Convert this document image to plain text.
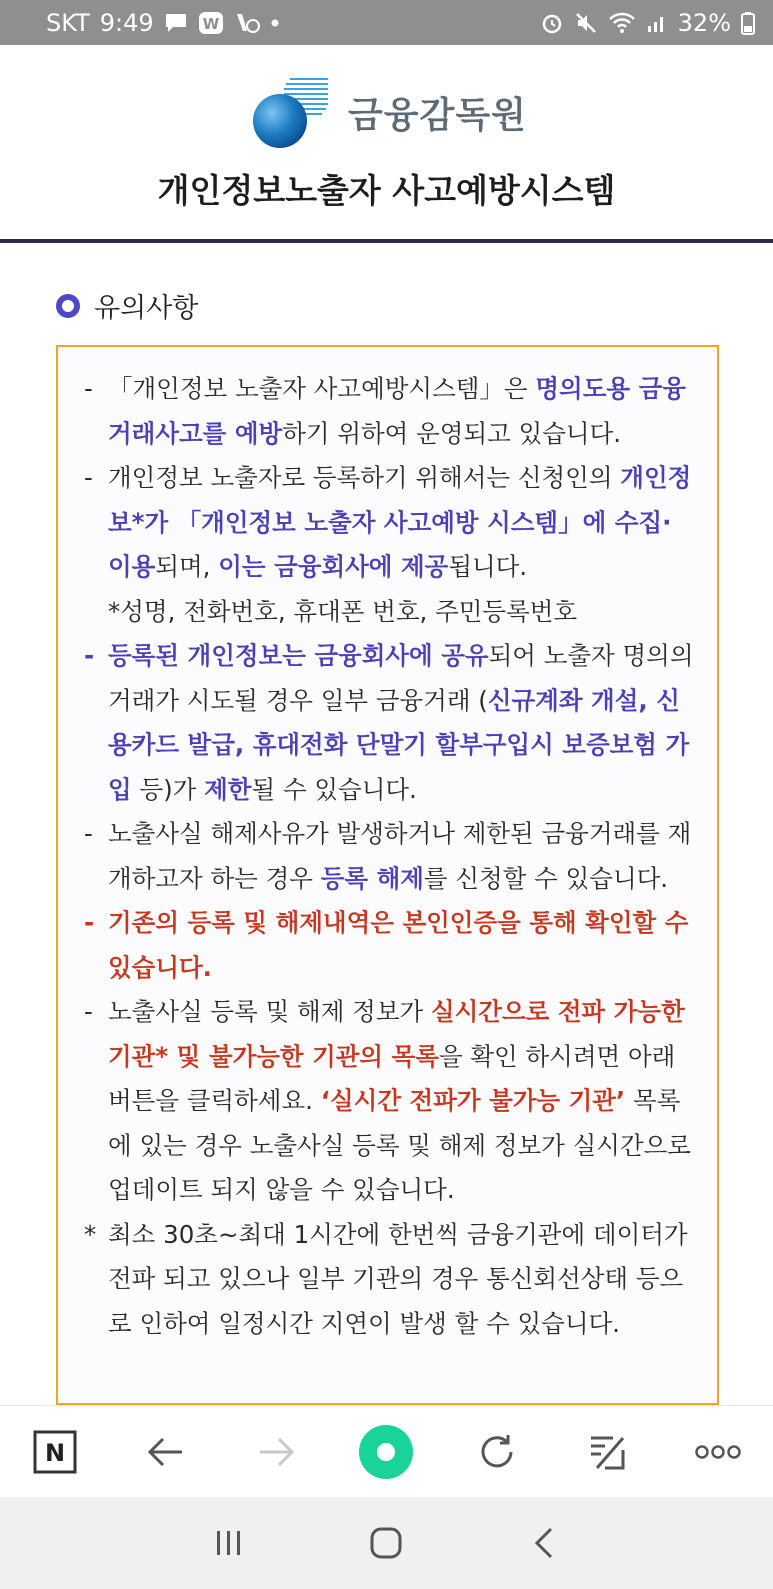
SKT 9:49	W	32%
금융감독원
개인정보노출자 사고예방시스템
유의사항
- 「개인정보 노출자 사고예방시스템」은 명의도용 금융거래사고를 예방하기 위하여 운영되고 있습니다.
- 개인정보 노출자로 등록하기 위해서는 신청인의 개인정보*가 「개인정보 노출자 사고예방 시스템」에 수집· 이용되며, 이는 금융회사에 제공됩니다.
*성명, 전화번호, 휴대폰 번호, 주민등록번호
- 등록된 개인정보는 금융회사에 공유되어 노출자 명의의 거래가 시도될 경우 일부 금융거래 (신규계좌 개설, 신용카드 발급, 휴대전화 단말기 할부구입시 보증보험 가입 등)가 제한될 수 있습니다.
- 노출사실 해제사유가 발생하거나 제한된 금융거래를 재개하고자 하는 경우 등록 해제를 신청할 수 있습니다.
- 기존의 등록 및 해제내역은 본인인증을 통해 확인할 수 있습니다.
- 노출사실 등록 및 해제 정보가 실시간으로 전파 가능한 기관* 및 불가능한 기관의 목록을 확인 하시려면 아래 버튼을 클릭하세요. ‘실시간 전파가 불가능 기관’ 목록에 있는 경우 노출사실 등록 및 해제 정보가 실시간으로 업데이트 되지 않을 수 있습니다.
* 최소 30초∼최대 1시간에 한번씩 금융기관에 데이터가 전파 되고 있으나 일부 기관의 경우 통신회선상태 등으로 인하여 일정시간 지연이 발생 할 수 있습니다.
N
